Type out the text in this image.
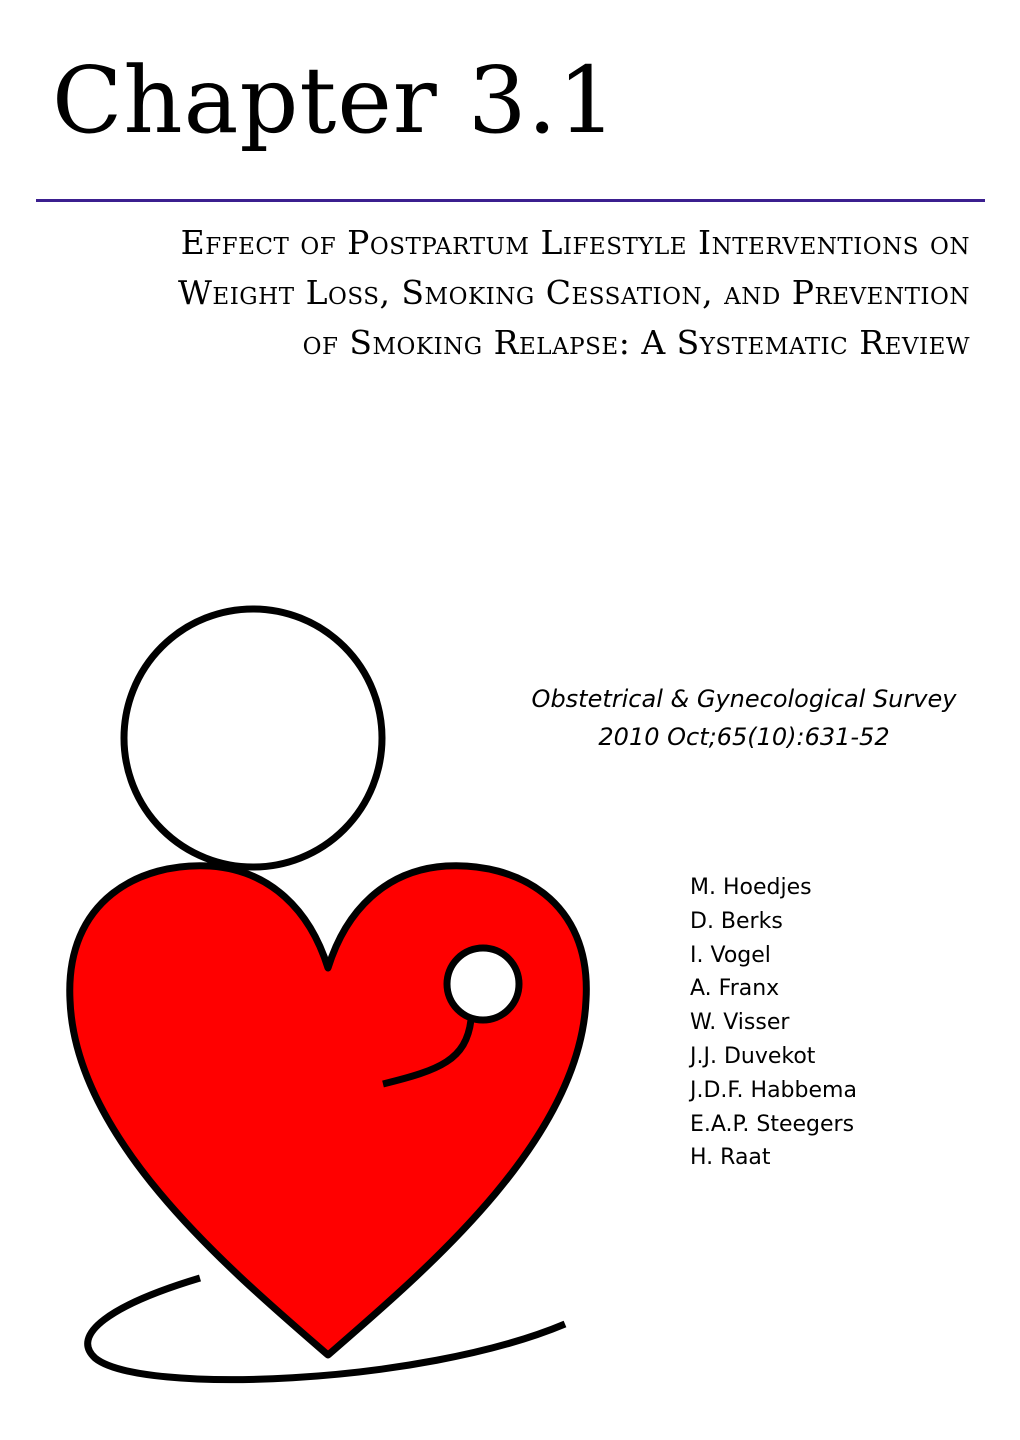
Chapter 3.1
Effect of Postpartum Lifestyle Interventions on
Weight Loss, Smoking Cessation, and Prevention
of Smoking Relapse: A Systematic Review
Obstetrical & Gynecological Survey
2010 Oct;65(10):631-52
M. Hoedjes
D. Berks
I. Vogel
A. Franx
W. Visser
J.J. Duvekot
J.D.F. Habbema
E.A.P. Steegers
H. Raat
